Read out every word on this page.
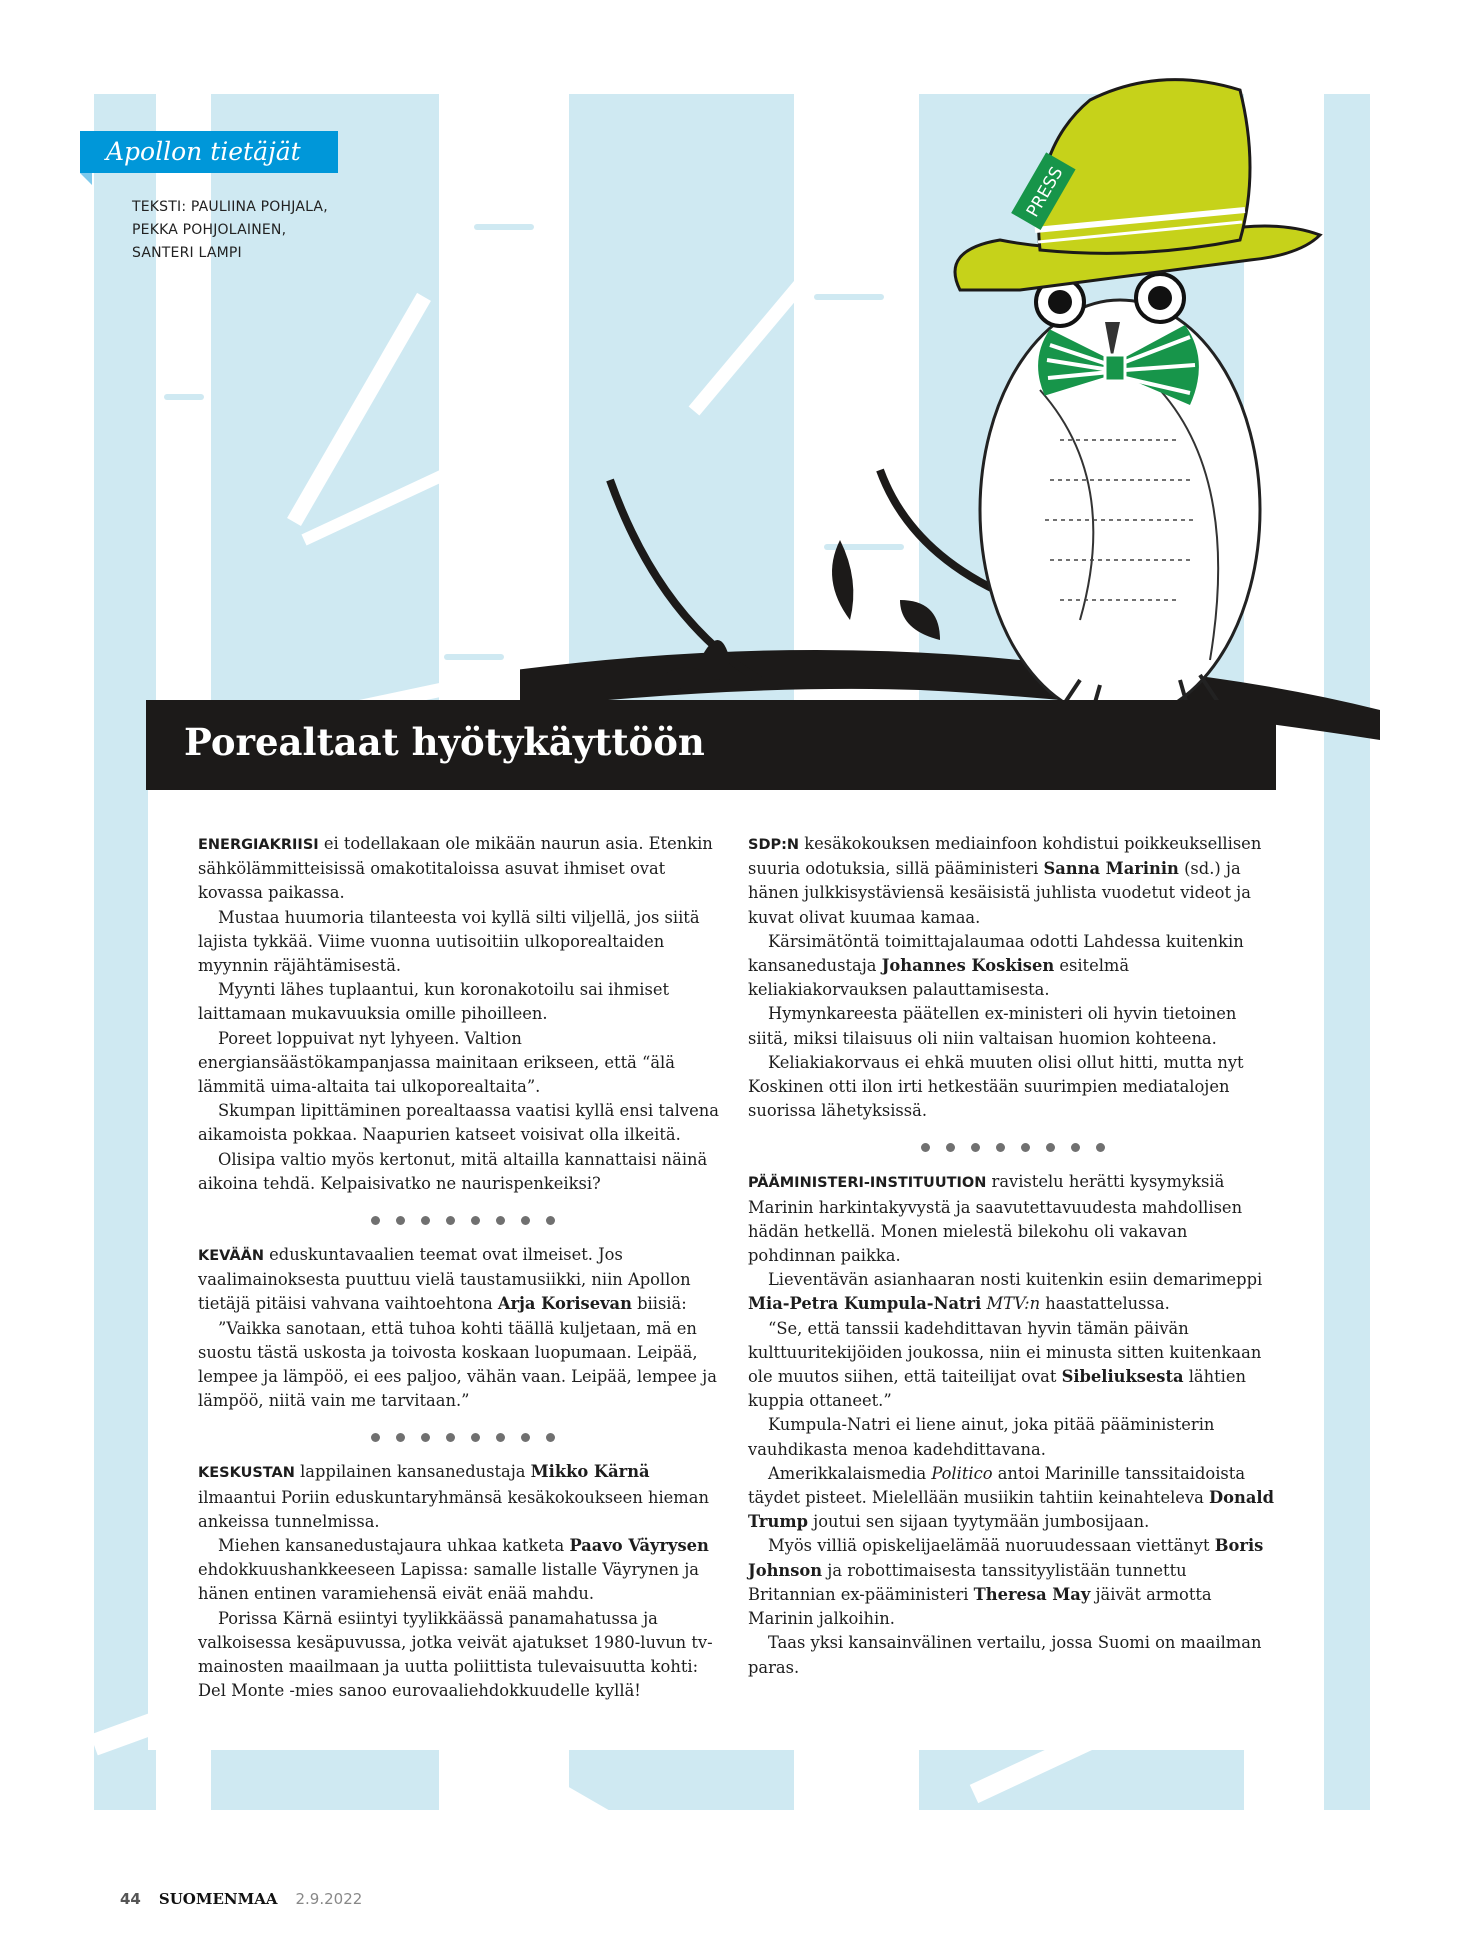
PRESS
Apollon tietäjät
TEKSTI: PAULIINA POHJALA,
PEKKA POHJOLAINEN,
SANTERI LAMPI
Porealtaat hyötykäyttöön

ENERGIAKRIISI ei todellakaan ole mikään naurun asia. Etenkin sähkölämmitteisissä omakotitaloissa asuvat ihmiset ovat kovassa paikassa.

Mustaa huumoria tilanteesta voi kyllä silti viljellä, jos siitä lajista tykkää. Viime vuonna uutisoitiin ulkoporealtaiden myynnin räjähtämisestä.

Myynti lähes tuplaantui, kun koronakotoilu sai ihmiset laittamaan mukavuuksia omille pihoilleen.

Poreet loppuivat nyt lyhyeen. Valtion energiansäästökampanjassa mainitaan erikseen, että “älä lämmitä uima-altaita tai ulkoporealtaita”.

Skumpan lipittäminen porealtaassa vaatisi kyllä ensi talvena aikamoista pokkaa. Naapurien katseet voisivat olla ilkeitä.

Olisipa valtio myös kertonut, mitä altailla kannattaisi näinä aikoina tehdä. Kelpaisivatko ne naurispenkeiksi?

KEVÄÄN eduskuntavaalien teemat ovat ilmeiset. Jos vaalimainoksesta puuttuu vielä taustamusiikki, niin Apollon tietäjä pitäisi vahvana vaihtoehtona Arja Korisevan biisiä:

”Vaikka sanotaan, että tuhoa kohti täällä kuljetaan, mä en suostu tästä uskosta ja toivosta koskaan luopumaan. Leipää, lempee ja lämpöö, ei ees paljoo, vähän vaan. Leipää, lempee ja lämpöö, niitä vain me tarvitaan.”

KESKUSTAN lappilainen kansanedustaja Mikko Kärnä ilmaantui Poriin eduskuntaryhmänsä kesäkokoukseen hieman ankeissa tunnelmissa.

Miehen kansanedustajaura uhkaa katketa Paavo Väyrysen ehdokkuushankkeeseen Lapissa: samalle listalle Väyrynen ja hänen entinen varamiehensä eivät enää mahdu.

Porissa Kärnä esiintyi tyylikkäässä panamahatussa ja valkoisessa kesäpuvussa, jotka veivät ajatukset 1980-luvun tv-mainosten maailmaan ja uutta poliittista tulevaisuutta kohti: Del Monte -mies sanoo eurovaaliehdokkuudelle kyllä!

SDP:N kesäkokouksen mediainfoon kohdistui poikkeuksellisen suuria odotuksia, sillä pääministeri Sanna Marinin (sd.) ja hänen julkkisystäviensä kesäisistä juhlista vuodetut videot ja kuvat olivat kuumaa kamaa.

Kärsimätöntä toimittajalaumaa odotti Lahdessa kuitenkin kansanedustaja Johannes Koskisen esitelmä keliakiakorvauksen palauttamisesta.

Hymynkareesta päätellen ex-ministeri oli hyvin tietoinen siitä, miksi tilaisuus oli niin valtaisan huomion kohteena.

Keliakiakorvaus ei ehkä muuten olisi ollut hitti, mutta nyt Koskinen otti ilon irti hetkestään suurimpien mediatalojen suorissa lähetyksissä.

PÄÄMINISTERI-INSTITUUTION ravistelu herätti kysymyksiä Marinin harkintakyvystä ja saavutettavuudesta mahdollisen hädän hetkellä. Monen mielestä bilekohu oli vakavan pohdinnan paikka.

Lieventävän asianhaaran nosti kuitenkin esiin demarimeppi Mia-Petra Kumpula-Natri MTV:n haastattelussa.

“Se, että tanssii kadehdittavan hyvin tämän päivän kulttuuritekijöiden joukossa, niin ei minusta sitten kuitenkaan ole muutos siihen, että taiteilijat ovat Sibeliuksesta lähtien kuppia ottaneet.”

Kumpula-Natri ei liene ainut, joka pitää pääministerin vauhdikasta menoa kadehdittavana.

Amerikkalaismedia Politico antoi Marinille tanssitaidoista täydet pisteet. Mielellään musiikin tahtiin keinahteleva Donald Trump joutui sen sijaan tyytymään jumbosijaan.

Myös villiä opiskelijaelämää nuoruudessaan viettänyt Boris Johnson ja robottimaisesta tanssityylistään tunnettu Britannian ex-pääministeri Theresa May jäivät armotta Marinin jalkoihin.

Taas yksi kansainvälinen vertailu, jossa Suomi on maailman paras.

44 SUOMENMAA 2.9.2022
